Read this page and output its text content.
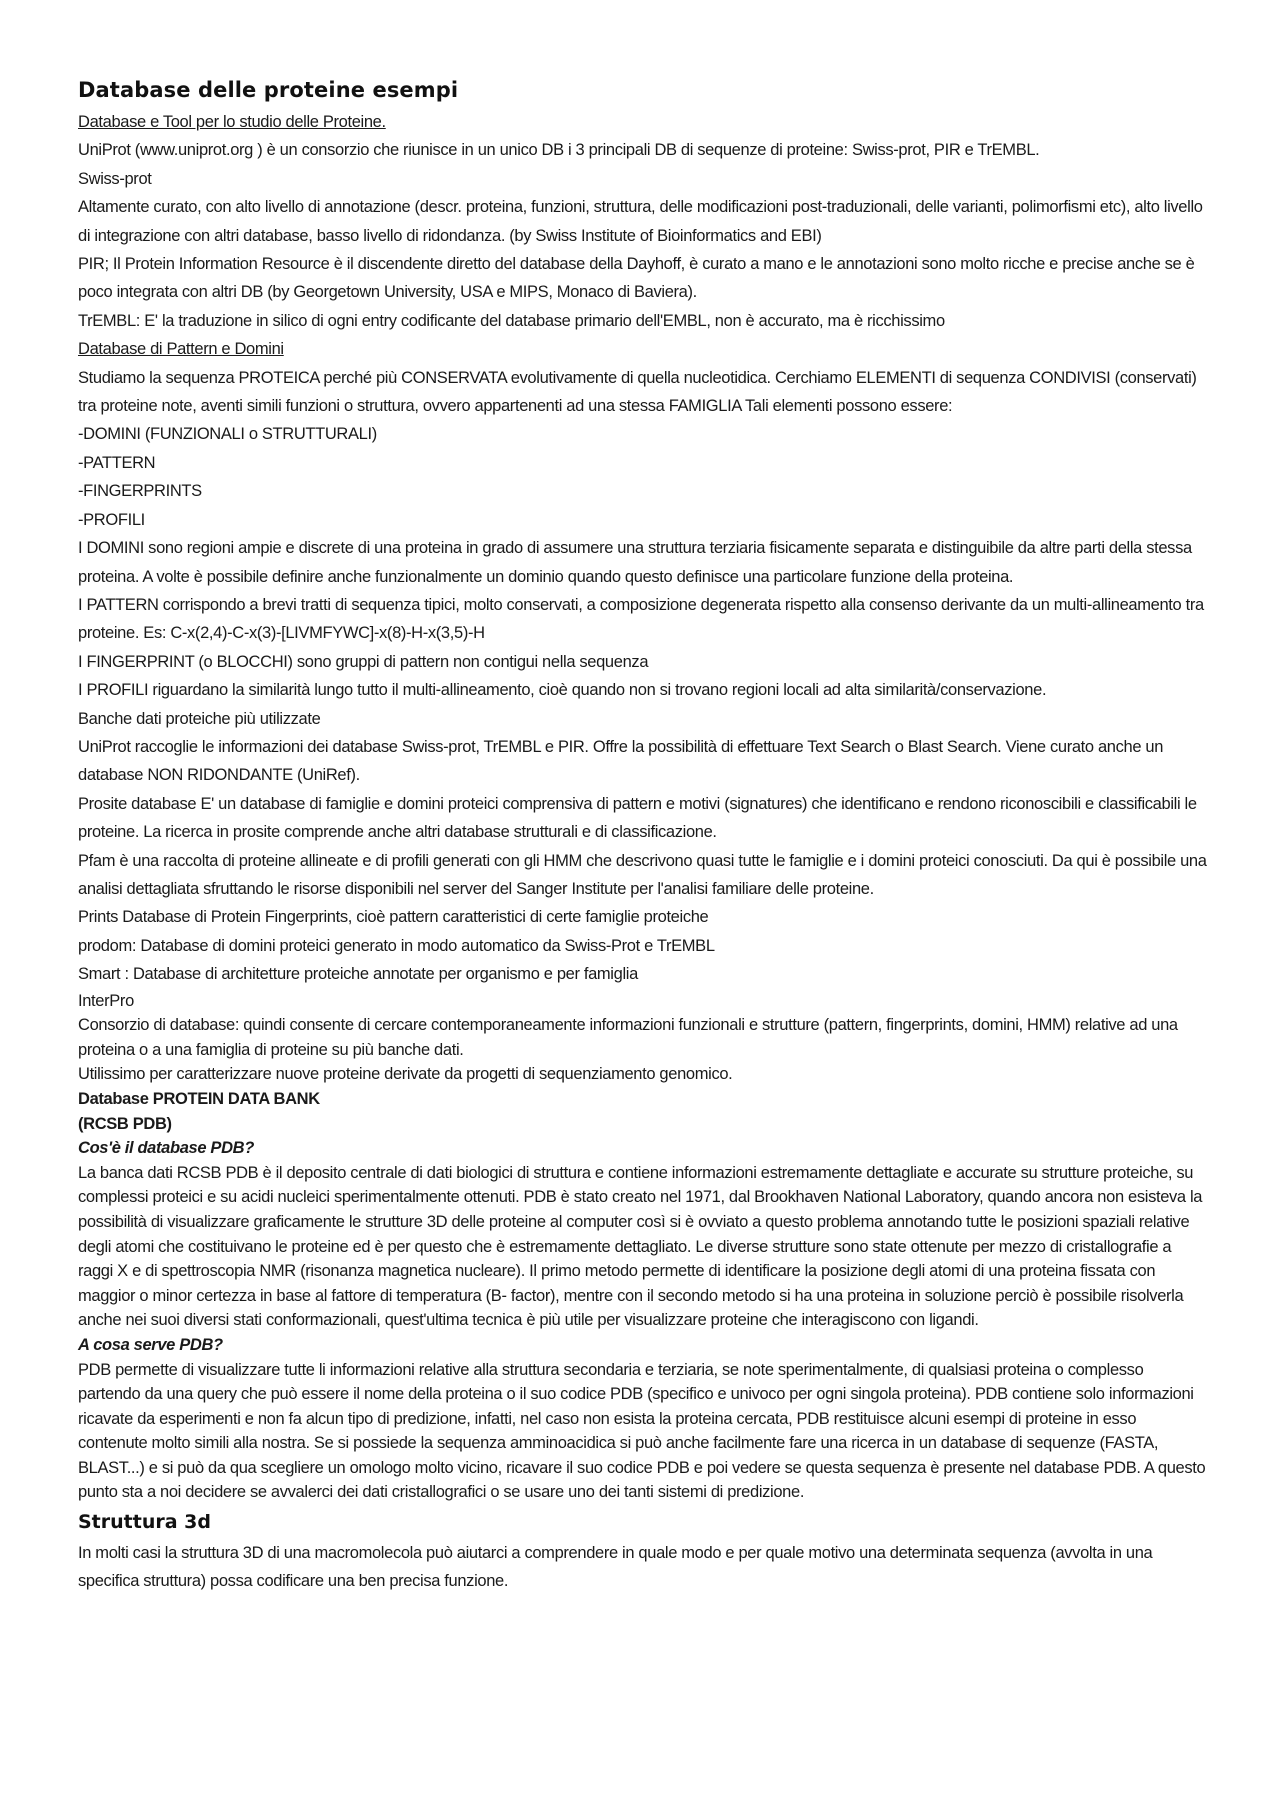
Database delle proteine esempi
Database e Tool per lo studio delle Proteine.

UniProt (www.uniprot.org ) è un consorzio che riunisce in un unico DB i 3 principali DB di sequenze di proteine: Swiss-prot, PIR e TrEMBL.

Swiss-prot

Altamente curato, con alto livello di annotazione (descr. proteina, funzioni, struttura, delle modificazioni post-traduzionali, delle varianti, polimorfismi etc), alto livello di integrazione con altri database, basso livello di ridondanza. (by Swiss Institute of Bioinformatics and EBI)

PIR; Il Protein Information Resource è il discendente diretto del database della Dayhoff, è curato a mano e le annotazioni sono molto ricche e precise anche se è poco integrata con altri DB (by Georgetown University, USA e MIPS, Monaco di Baviera).

TrEMBL: E' la traduzione in silico di ogni entry codificante del database primario dell'EMBL, non è accurato, ma è ricchissimo

Database di Pattern e Domini

Studiamo la sequenza PROTEICA perché più CONSERVATA evolutivamente di quella nucleotidica. Cerchiamo ELEMENTI di sequenza CONDIVISI (conservati) tra proteine note, aventi simili funzioni o struttura, ovvero appartenenti ad una stessa FAMIGLIA Tali elementi possono essere:

-DOMINI (FUNZIONALI o STRUTTURALI)

-PATTERN

-FINGERPRINTS

-PROFILI

I DOMINI sono regioni ampie e discrete di una proteina in grado di assumere una struttura terziaria fisicamente separata e distinguibile da altre parti della stessa proteina. A volte è possibile definire anche funzionalmente un dominio quando questo definisce una particolare funzione della proteina.

I PATTERN corrispondo a brevi tratti di sequenza tipici, molto conservati, a composizione degenerata rispetto alla consenso derivante da un multi-allineamento tra proteine. Es: C-x(2,4)-C-x(3)-[LIVMFYWC]-x(8)-H-x(3,5)-H

I FINGERPRINT (o BLOCCHI) sono gruppi di pattern non contigui nella sequenza

I PROFILI riguardano la similarità lungo tutto il multi-allineamento, cioè quando non si trovano regioni locali ad alta similarità/conservazione.

Banche dati proteiche più utilizzate

UniProt raccoglie le informazioni dei database Swiss-prot, TrEMBL e PIR. Offre la possibilità di effettuare Text Search o Blast Search. Viene curato anche un database NON RIDONDANTE (UniRef).

Prosite database E' un database di famiglie e domini proteici comprensiva di pattern e motivi (signatures) che identificano e rendono riconoscibili e classificabili le proteine. La ricerca in prosite comprende anche altri database strutturali e di classificazione.

Pfam è una raccolta di proteine allineate e di profili generati con gli HMM che descrivono quasi tutte le famiglie e i domini proteici conosciuti. Da qui è possibile una analisi dettagliata sfruttando le risorse disponibili nel server del Sanger Institute per l'analisi familiare delle proteine.

Prints Database di Protein Fingerprints, cioè pattern caratteristici di certe famiglie proteiche

prodom: Database di domini proteici generato in modo automatico da Swiss-Prot e TrEMBL

Smart : Database di architetture proteiche annotate per organismo e per famiglia

InterPro

Consorzio di database: quindi consente di cercare contemporaneamente informazioni funzionali e strutture (pattern, fingerprints, domini, HMM) relative ad una proteina o a una famiglia di proteine su più banche dati.

Utilissimo per caratterizzare nuove proteine derivate da progetti di sequenziamento genomico.

Database PROTEIN DATA BANK

(RCSB PDB)

Cos'è il database PDB?

La banca dati RCSB PDB è il deposito centrale di dati biologici di struttura e contiene informazioni estremamente dettagliate e accurate su strutture proteiche, su complessi proteici e su acidi nucleici sperimentalmente ottenuti. PDB è stato creato nel 1971, dal Brookhaven National Laboratory, quando ancora non esisteva la possibilità di visualizzare graficamente le strutture 3D delle proteine al computer così si è ovviato a questo problema annotando tutte le posizioni spaziali relative degli atomi che costituivano le proteine ed è per questo che è estremamente dettagliato. Le diverse strutture sono state ottenute per mezzo di cristallografie a raggi X e di spettroscopia NMR (risonanza magnetica nucleare). Il primo metodo permette di identificare la posizione degli atomi di una proteina fissata con maggior o minor certezza in base al fattore di temperatura (B- factor), mentre con il secondo metodo si ha una proteina in soluzione perciò è possibile risolverla anche nei suoi diversi stati conformazionali, quest'ultima tecnica è più utile per visualizzare proteine che interagiscono con ligandi.

A cosa serve PDB?

PDB permette di visualizzare tutte li informazioni relative alla struttura secondaria e terziaria, se note sperimentalmente, di qualsiasi proteina o complesso partendo da una query che può essere il nome della proteina o il suo codice PDB (specifico e univoco per ogni singola proteina). PDB contiene solo informazioni ricavate da esperimenti e non fa alcun tipo di predizione, infatti, nel caso non esista la proteina cercata, PDB restituisce alcuni esempi di proteine in esso contenute molto simili alla nostra. Se si possiede la sequenza amminoacidica si può anche facilmente fare una ricerca in un database di sequenze (FASTA, BLAST...) e si può da qua scegliere un omologo molto vicino, ricavare il suo codice PDB e poi vedere se questa sequenza è presente nel database PDB. A questo punto sta a noi decidere se avvalerci dei dati cristallografici o se usare uno dei tanti sistemi di predizione.

Struttura 3d

In molti casi la struttura 3D di una macromolecola può aiutarci a comprendere in quale modo e per quale motivo una determinata sequenza (avvolta in una specifica struttura) possa codificare una ben precisa funzione.
